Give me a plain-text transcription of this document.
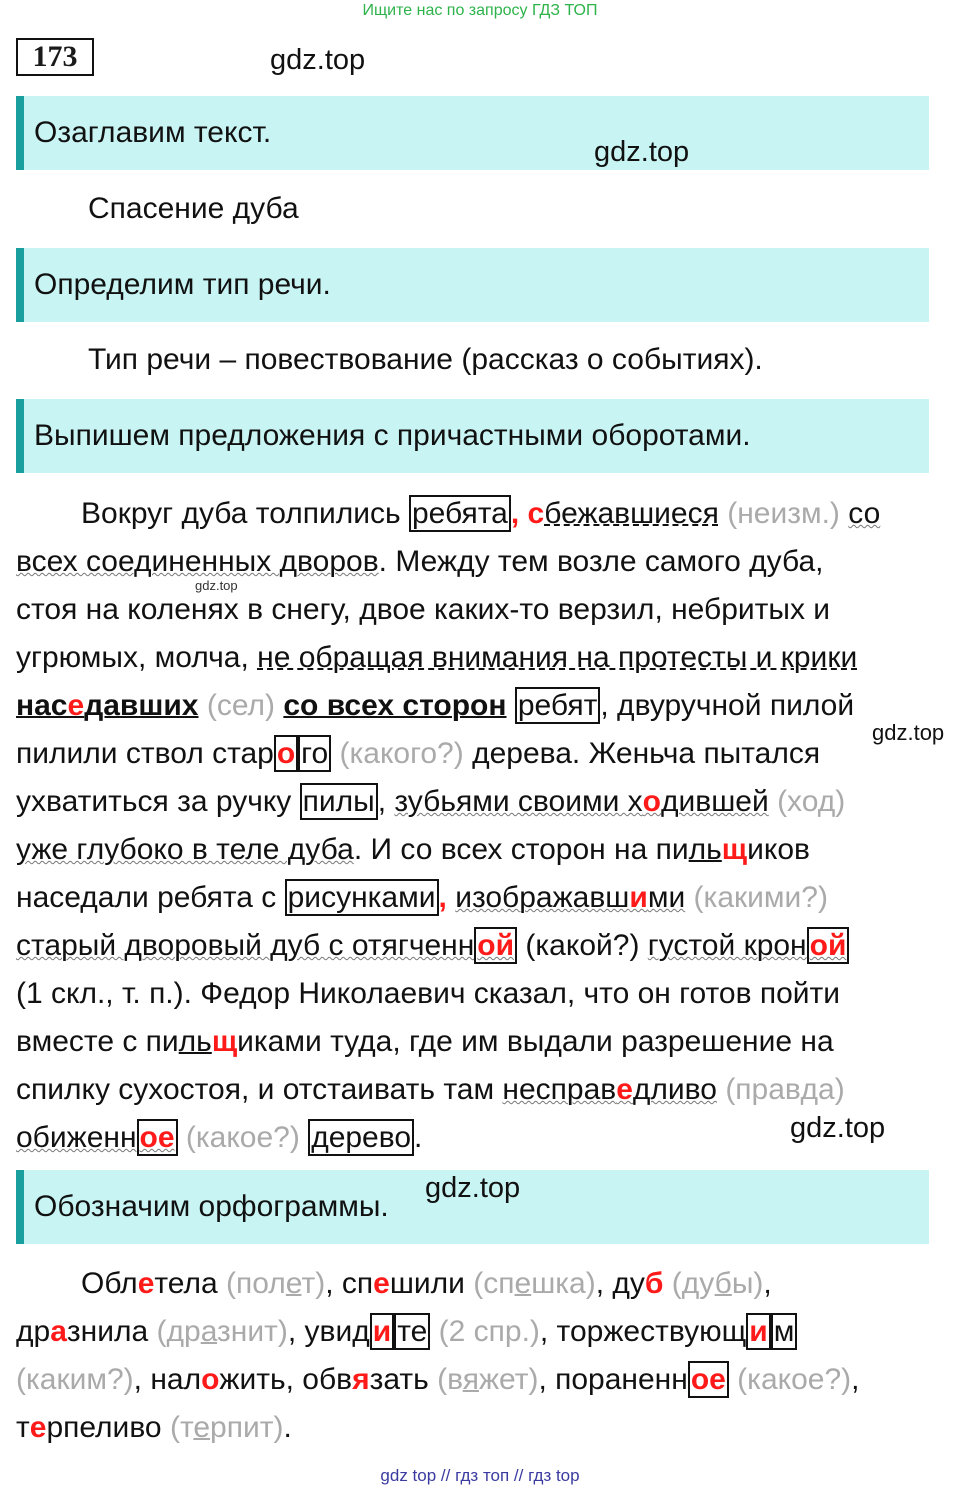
Ищите нас по запросу ГДЗ ТОП
173	gdz.top
Озаглавим текст.
gdz.top
Спасение дуба
Определим тип речи.
Тип речи – повествование (рассказ о событиях).
Выпишем предложения с причастными оборотами.

Вокруг дуба толпились ребята , сбежавшиеся (неизм.) со

всех соединенных дворов. Между тем возле самого дуба,

стоя на коленях в снегу, двое каких-то верзил, небритых и

угрюмых, молча, не обращая внимания на протесты и крики

наседавших (сел) со всех сторон ребят , двуручной пилой

пилили ствол стар о го (какого?) дерева. Женьча пытался

ухватиться за ручку пилы , зубьями своими ходившей (ход)

уже глубоко в теле дуба. И со всех сторон на пильщиков

наседали ребята с рисунками , изображавшими (какими?)

старый дворовый дуб с отягченн ой (какой?) густой крон ой

(1 скл., т. п.). Федор Николаевич сказал, что он готов пойти

вместе с пильщиками туда, где им выдали разрешение на

спилку сухостоя, и отстаивать там несправедливо (правда)

обиженн ое (какое?) дерево .

gdz.top
gdz.top
gdz.top
Обозначим орфограммы.
gdz.top

Облетела (полет), спешили (спешка), дуб (дубы),

дразнила (дразнит), увид и те (2 спр.), торжествующ и м

(каким?), наложить, обвязать (вяжет), пораненн ое (какое?),

терпеливо (терпит).

gdz top // гдз топ // гдз top
